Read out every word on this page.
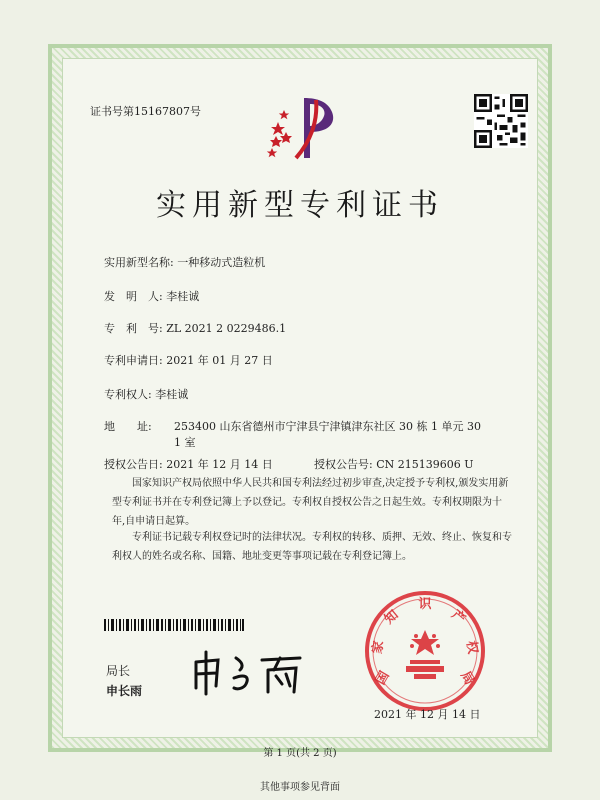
证书号第15167807号
实用新型专利证书
实用新型名称: 一种移动式造粒机
发　明　人: 李桂诚
专　利　号: ZL 2021 2 0229486.1
专利申请日: 2021 年 01 月 27 日
专利权人: 李桂诚
地　　址: 253400 山东省德州市宁津县宁津镇津东社区 30 栋 1 单元 30
1 室
授权公告日: 2021 年 12 月 14 日	授权公告号: CN 215139606 U
国家知识产权局依照中华人民共和国专利法经过初步审查,决定授予专利权,颁发实用新型专利证书并在专利登记簿上予以登记。专利权自授权公告之日起生效。专利权期限为十年,自申请日起算。
专利证书记载专利权登记时的法律状况。专利权的转移、质押、无效、终止、恢复和专利权人的姓名或名称、国籍、地址变更等事项记载在专利登记簿上。
局长
申长雨
国
家
知
识
产
权
局
2021 年 12 月 14 日
第 1 页(共 2 页)
其他事项参见背面
